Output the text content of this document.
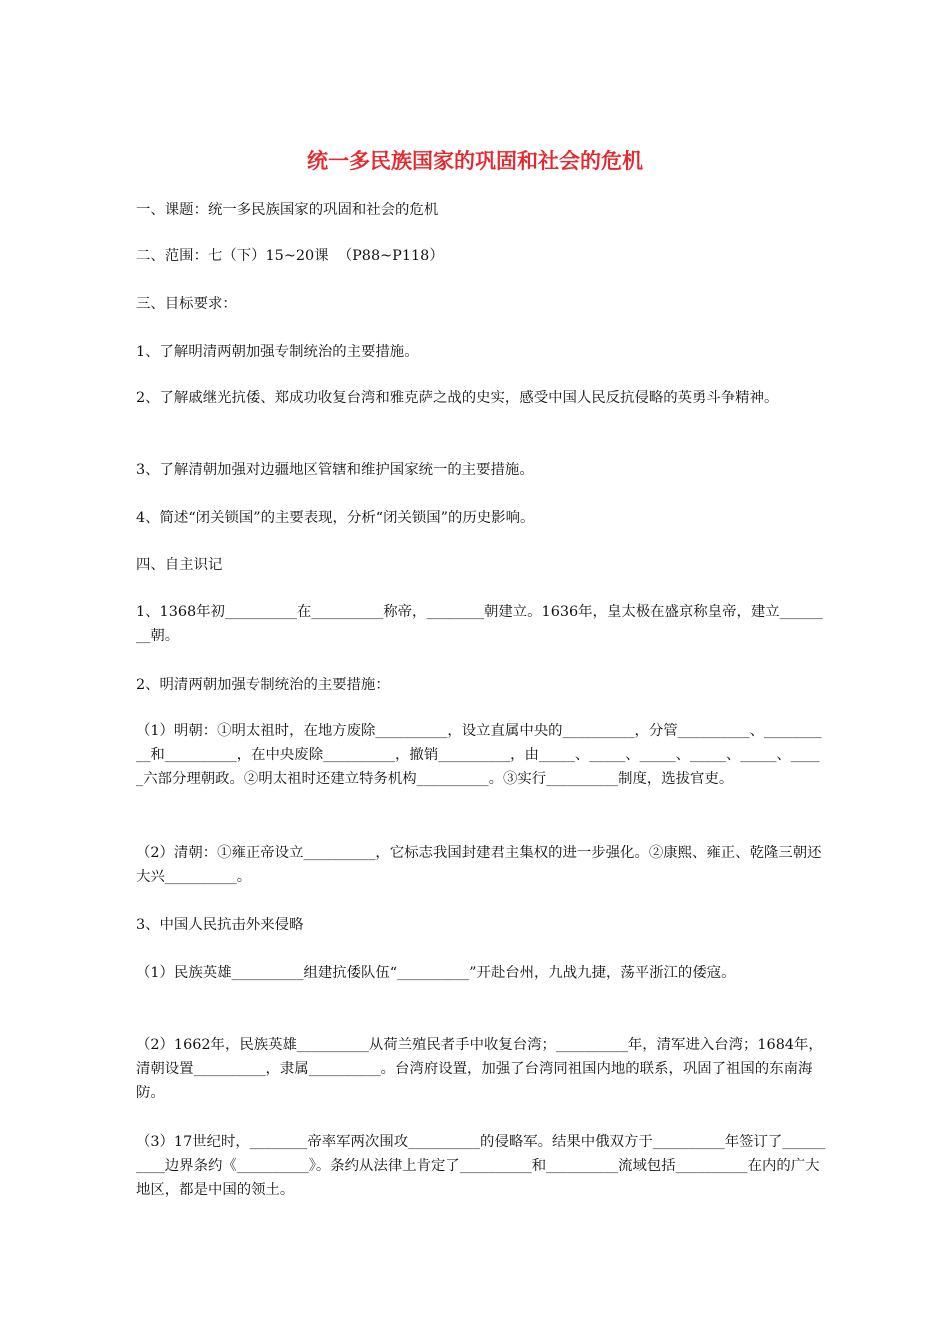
统一多民族国家的巩固和社会的危机
一、课题：统一多民族国家的巩固和社会的危机
二、范围：七（下）15~20课  （P88~P118）
三、目标要求：
1、了解明清两朝加强专制统治的主要措施。
2、了解戚继光抗倭、郑成功收复台湾和雅克萨之战的史实，感受中国人民反抗侵略的英勇斗争精神。
3、了解清朝加强对边疆地区管辖和维护国家统一的主要措施。
4、简述“闭关锁国”的主要表现，分析“闭关锁国”的历史影响。
四、自主识记
1、1368年初__________在__________称帝，________朝建立。1636年，皇太极在盛京称皇帝，建立________朝。
2、明清两朝加强专制统治的主要措施：
（1）明朝：①明太祖时，在地方废除__________，设立直属中央的__________，分管__________、__________和__________，在中央废除__________，撤销__________，由_____、_____、_____、_____、_____、_____六部分理朝政。②明太祖时还建立特务机构__________。③实行__________制度，选拔官吏。
（2）清朝：①雍正帝设立__________，它标志我国封建君主集权的进一步强化。②康熙、雍正、乾隆三朝还大兴__________。
3、中国人民抗击外来侵略
（1）民族英雄__________组建抗倭队伍“__________”开赴台州，九战九捷，荡平浙江的倭寇。
（2）1662年，民族英雄__________从荷兰殖民者手中收复台湾；__________年，清军进入台湾；1684年，清朝设置__________，隶属__________。台湾府设置，加强了台湾同祖国内地的联系，巩固了祖国的东南海防。
（3）17世纪时，________帝率军两次围攻__________的侵略军。结果中俄双方于__________年签订了__________边界条约《__________》。条约从法律上肯定了__________和__________流域包括__________在内的广大地区，都是中国的领土。
